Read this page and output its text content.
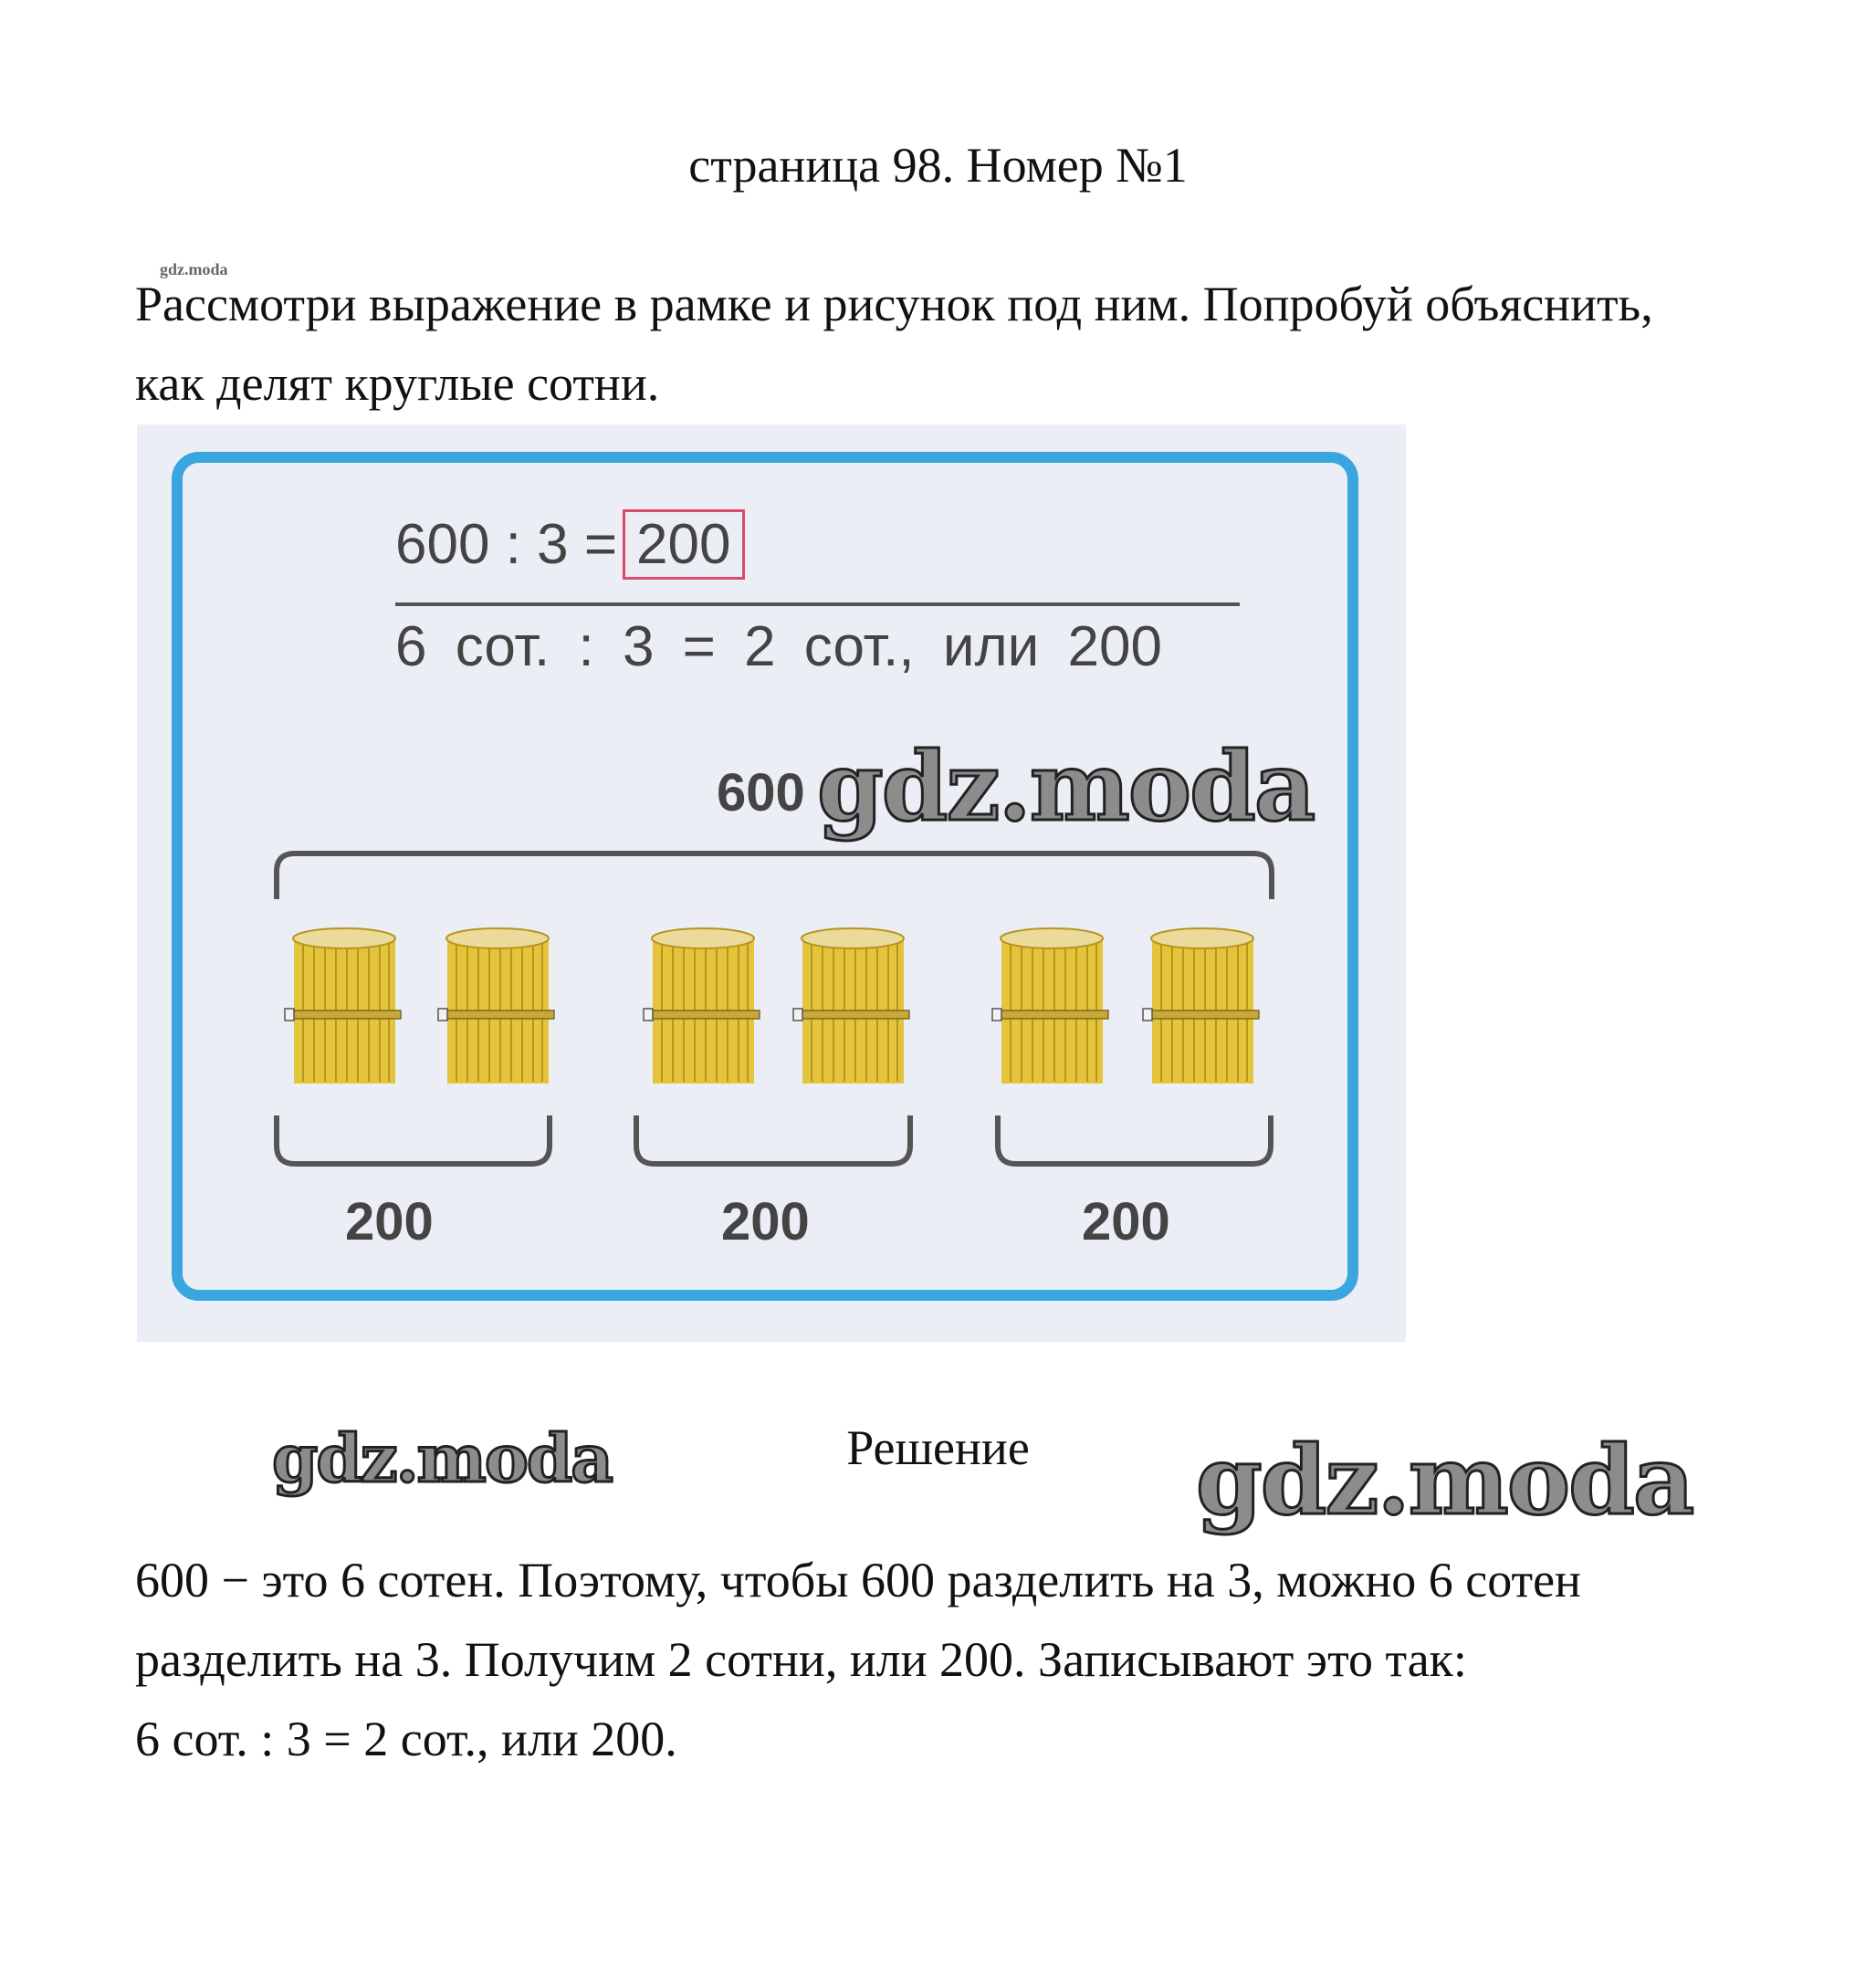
страница 98. Номер №1
gdz.moda
Рассмотри выражение в рамке и рисунок под ним. Попробуй объяснить, как делят круглые сотни.
600 : 3 = 200
6 сот. : 3 = 2 сот., или 200
600
200	200	200
gdz.moda
gdz.moda	Решение	gdz.moda

600 − это 6 сотен. Поэтому, чтобы 600 разделить на 3, можно 6 сотен

разделить на 3. Получим 2 сотни, или 200. Записывают это так:

6 сот. : 3 = 2 сот., или 200.
